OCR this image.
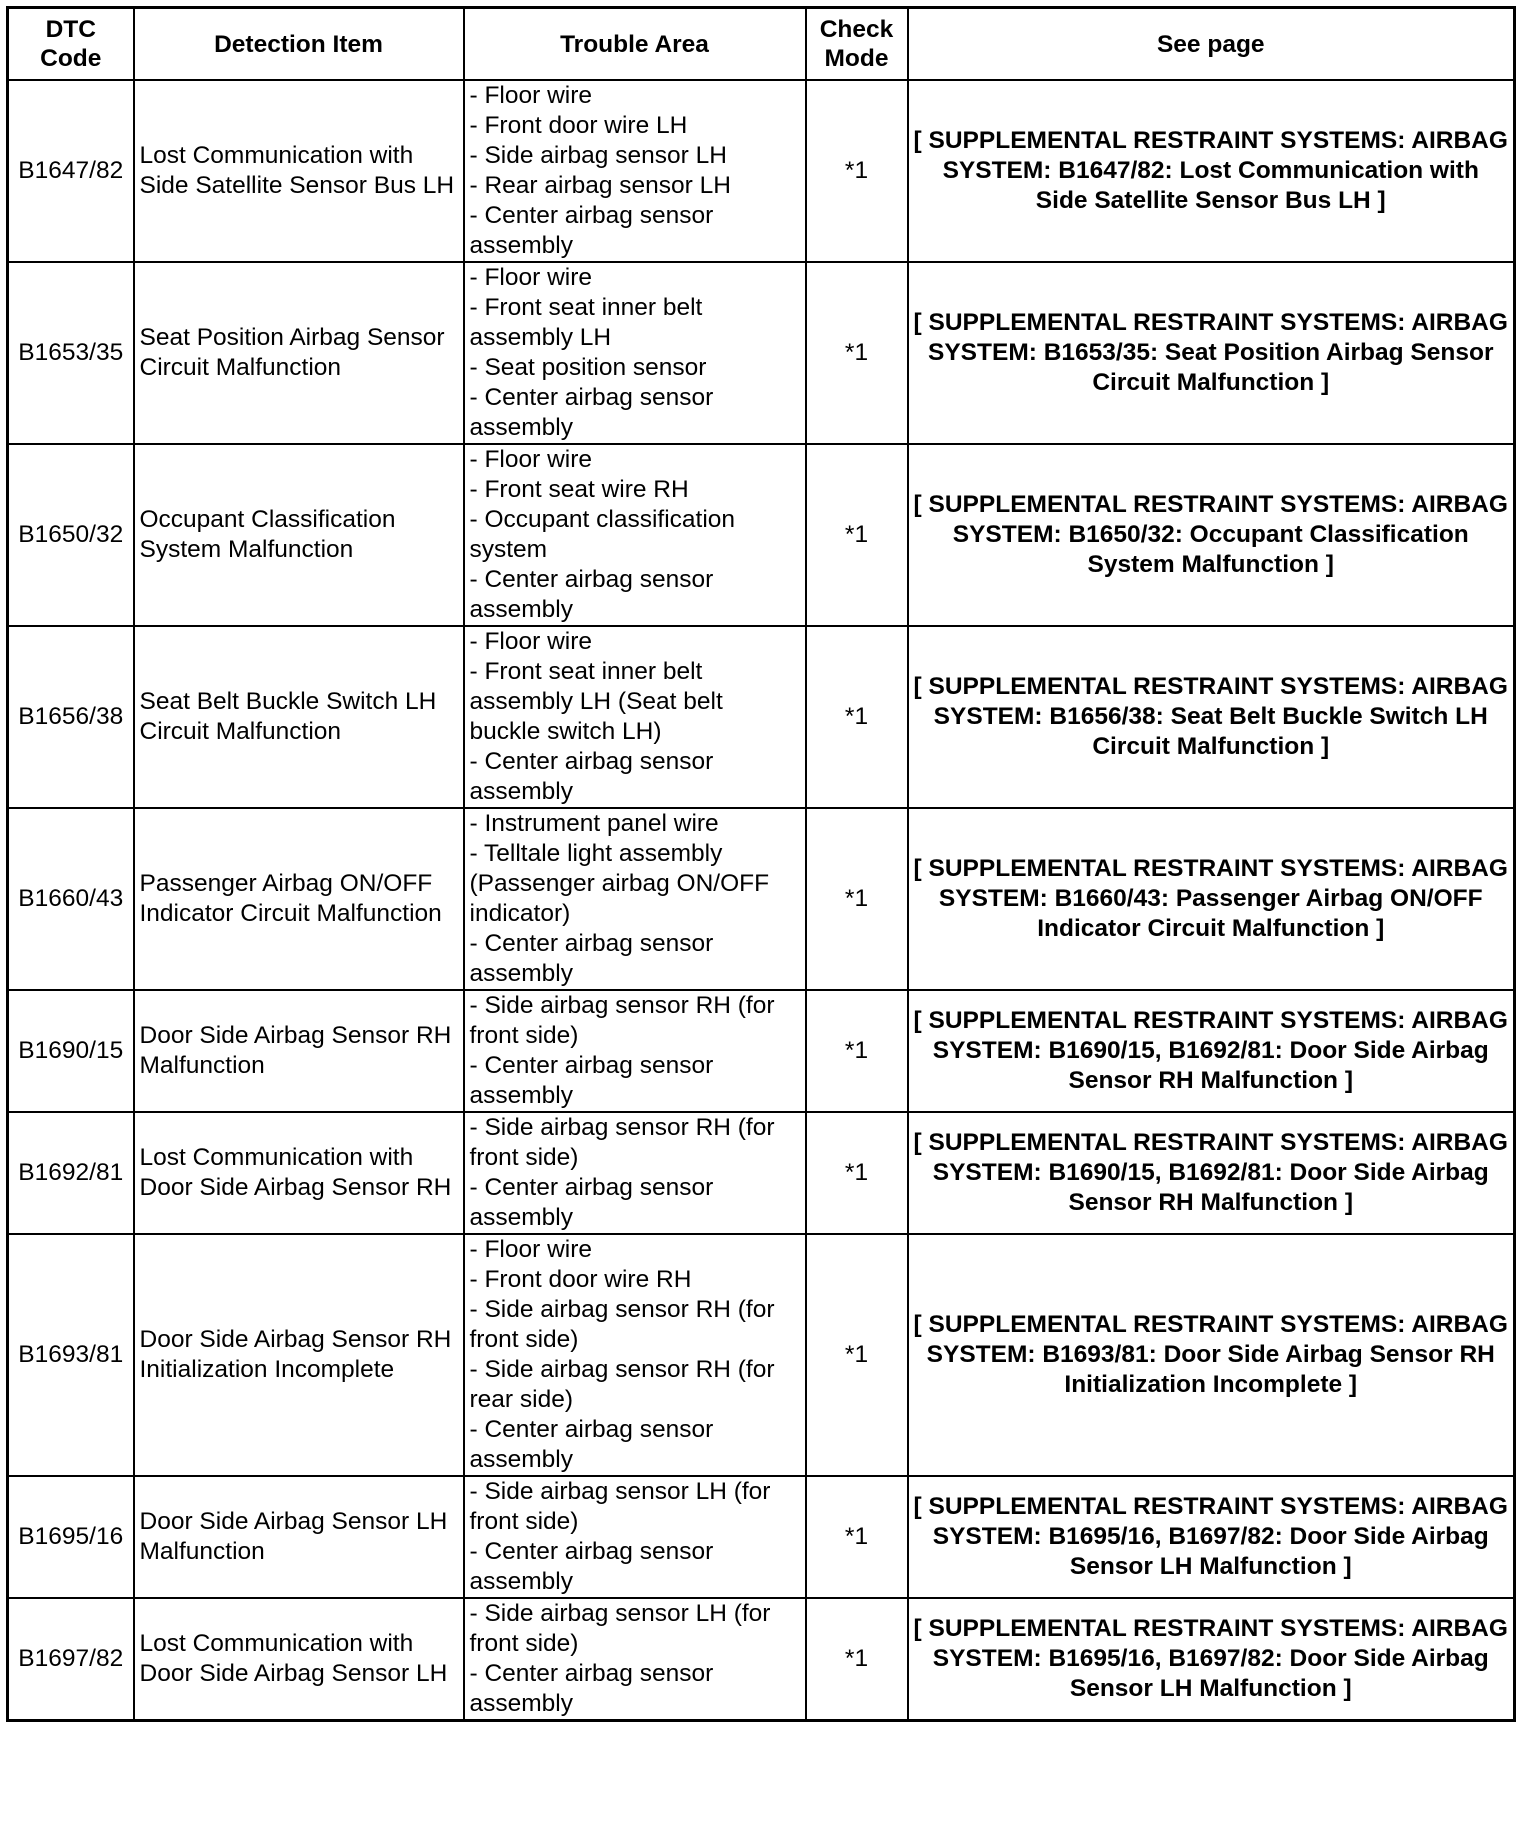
DTC
Code	Detection Item	Trouble Area	Check
Mode	See page
B1647/82	Lost Communication with Side Satellite Sensor Bus LH	- Floor wire
- Front door wire LH
- Side airbag sensor LH
- Rear airbag sensor LH
- Center airbag sensor assembly	*1	[ SUPPLEMENTAL RESTRAINT SYSTEMS: AIRBAG SYSTEM: B1647/82: Lost Communication with Side Satellite Sensor Bus LH ]
B1653/35	Seat Position Airbag Sensor Circuit Malfunction	- Floor wire
- Front seat inner belt assembly LH
- Seat position sensor
- Center airbag sensor assembly	*1	[ SUPPLEMENTAL RESTRAINT SYSTEMS: AIRBAG SYSTEM: B1653/35: Seat Position Airbag Sensor Circuit Malfunction ]
B1650/32	Occupant Classification System Malfunction	- Floor wire
- Front seat wire RH
- Occupant classification system
- Center airbag sensor assembly	*1	[ SUPPLEMENTAL RESTRAINT SYSTEMS: AIRBAG SYSTEM: B1650/32: Occupant Classification System Malfunction ]
B1656/38	Seat Belt Buckle Switch LH Circuit Malfunction	- Floor wire
- Front seat inner belt assembly LH (Seat belt buckle switch LH)
- Center airbag sensor assembly	*1	[ SUPPLEMENTAL RESTRAINT SYSTEMS: AIRBAG SYSTEM: B1656/38: Seat Belt Buckle Switch LH Circuit Malfunction ]
B1660/43	Passenger Airbag ON/OFF Indicator Circuit Malfunction	- Instrument panel wire
- Telltale light assembly (Passenger airbag ON/OFF indicator)
- Center airbag sensor assembly	*1	[ SUPPLEMENTAL RESTRAINT SYSTEMS: AIRBAG SYSTEM: B1660/43: Passenger Airbag ON/OFF Indicator Circuit Malfunction ]
B1690/15	Door Side Airbag Sensor RH Malfunction	- Side airbag sensor RH (for front side)
- Center airbag sensor assembly	*1	[ SUPPLEMENTAL RESTRAINT SYSTEMS: AIRBAG SYSTEM: B1690/15, B1692/81: Door Side Airbag Sensor RH Malfunction ]
B1692/81	Lost Communication with Door Side Airbag Sensor RH	- Side airbag sensor RH (for front side)
- Center airbag sensor assembly	*1	[ SUPPLEMENTAL RESTRAINT SYSTEMS: AIRBAG SYSTEM: B1690/15, B1692/81: Door Side Airbag Sensor RH Malfunction ]
B1693/81	Door Side Airbag Sensor RH Initialization Incomplete	- Floor wire
- Front door wire RH
- Side airbag sensor RH (for front side)
- Side airbag sensor RH (for rear side)
- Center airbag sensor assembly	*1	[ SUPPLEMENTAL RESTRAINT SYSTEMS: AIRBAG SYSTEM: B1693/81: Door Side Airbag Sensor RH Initialization Incomplete ]
B1695/16	Door Side Airbag Sensor LH Malfunction	- Side airbag sensor LH (for front side)
- Center airbag sensor assembly	*1	[ SUPPLEMENTAL RESTRAINT SYSTEMS: AIRBAG SYSTEM: B1695/16, B1697/82: Door Side Airbag Sensor LH Malfunction ]
B1697/82	Lost Communication with Door Side Airbag Sensor LH	- Side airbag sensor LH (for front side)
- Center airbag sensor assembly	*1	[ SUPPLEMENTAL RESTRAINT SYSTEMS: AIRBAG SYSTEM: B1695/16, B1697/82: Door Side Airbag Sensor LH Malfunction ]
